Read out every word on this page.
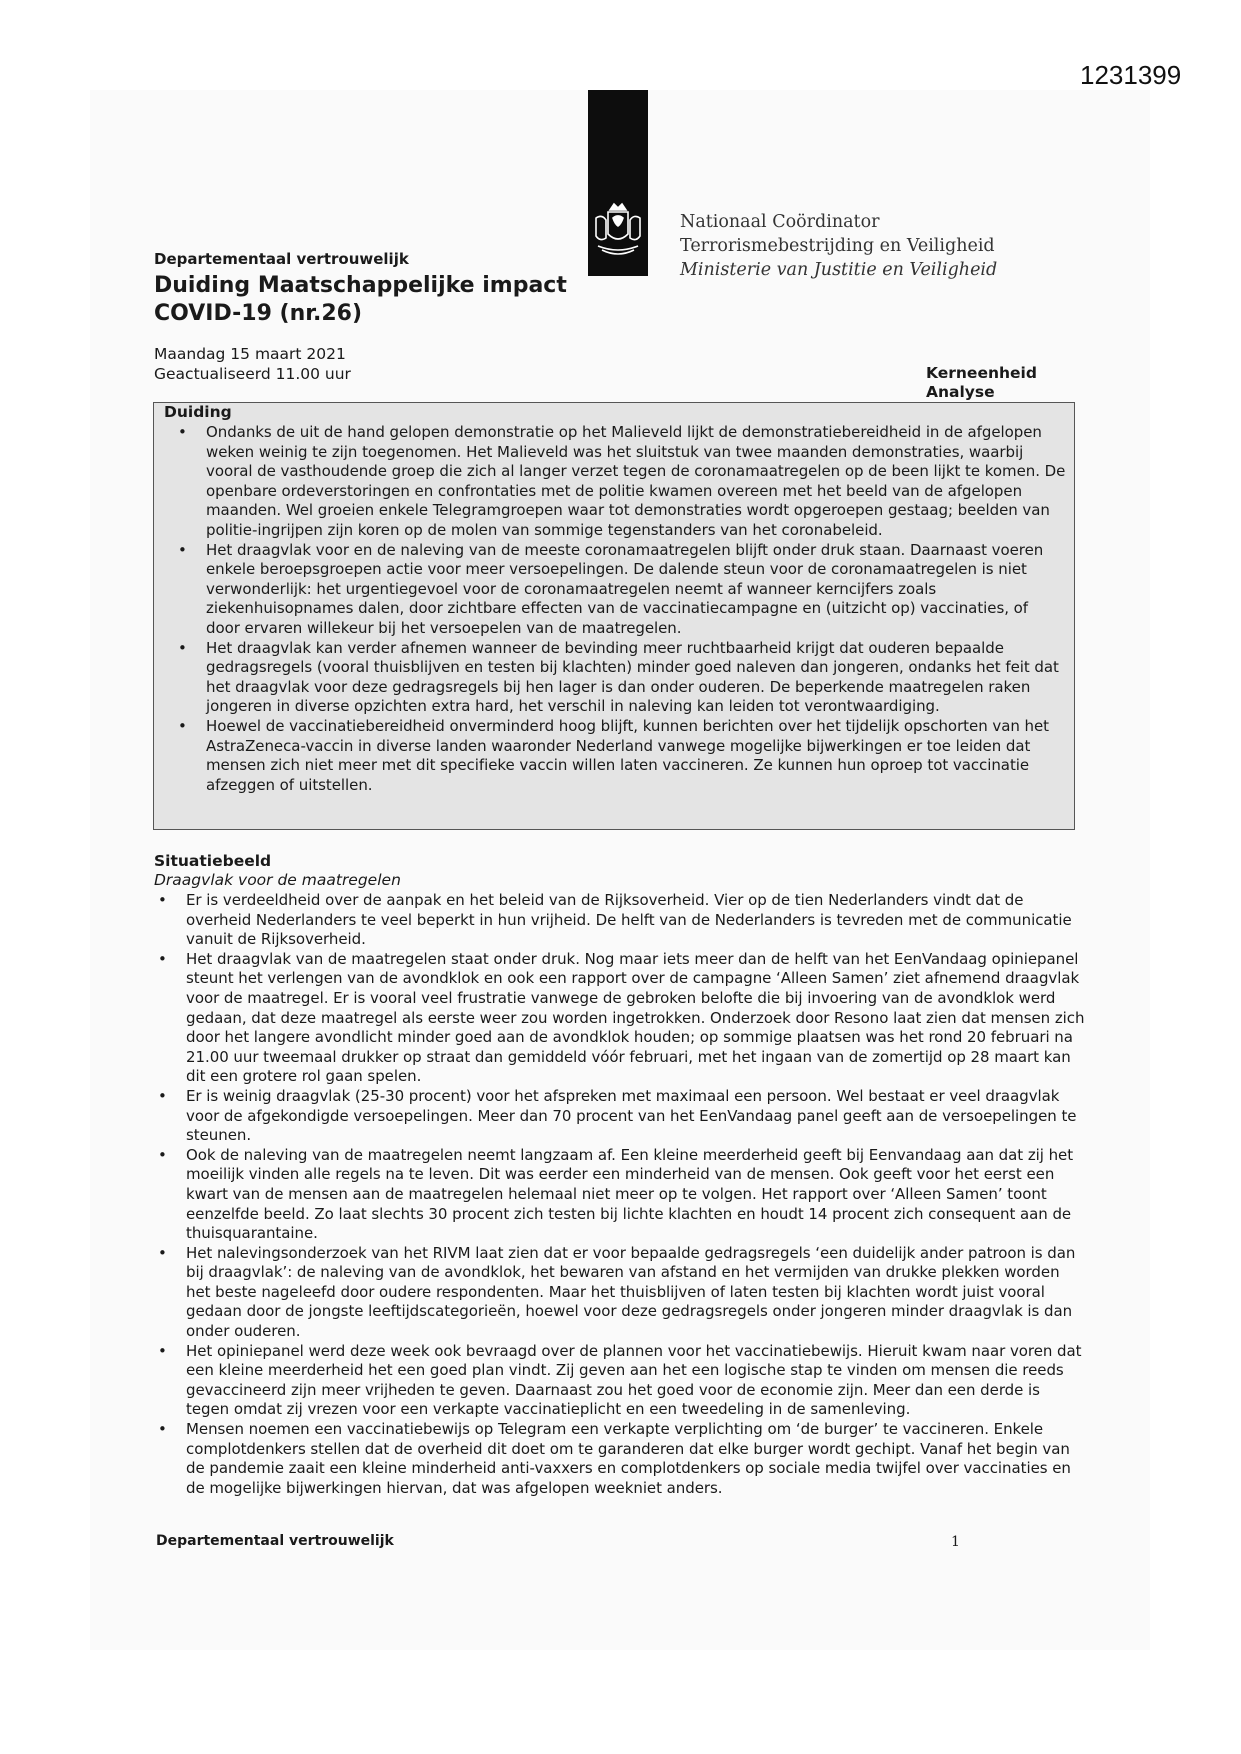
1231399
Nationaal Coördinator
Terrorismebestrijding en Veiligheid
Ministerie van Justitie en Veiligheid
Departementaal vertrouwelijk
Duiding Maatschappelijke impact COVID-19 (nr.26)
Maandag 15 maart 2021
Geactualiseerd 11.00 uur	Kerneenheid Analyse
Duiding
• Ondanks de uit de hand gelopen demonstratie op het Malieveld lijkt de demonstratiebereidheid in de afgelopen weken weinig te zijn toegenomen. Het Malieveld was het sluitstuk van twee maanden demonstraties, waarbij vooral de vasthoudende groep die zich al langer verzet tegen de coronamaatregelen op de been lijkt te komen. De openbare ordeverstoringen en confrontaties met de politie kwamen overeen met het beeld van de afgelopen maanden. Wel groeien enkele Telegramgroepen waar tot demonstraties wordt opgeroepen gestaag; beelden van politie-ingrijpen zijn koren op de molen van sommige tegenstanders van het coronabeleid.
• Het draagvlak voor en de naleving van de meeste coronamaatregelen blijft onder druk staan. Daarnaast voeren enkele beroepsgroepen actie voor meer versoepelingen. De dalende steun voor de coronamaatregelen is niet verwonderlijk: het urgentiegevoel voor de coronamaatregelen neemt af wanneer kerncijfers zoals ziekenhuisopnames dalen, door zichtbare effecten van de vaccinatiecampagne en (uitzicht op) vaccinaties, of door ervaren willekeur bij het versoepelen van de maatregelen.
• Het draagvlak kan verder afnemen wanneer de bevinding meer ruchtbaarheid krijgt dat ouderen bepaalde gedragsregels (vooral thuisblijven en testen bij klachten) minder goed naleven dan jongeren, ondanks het feit dat het draagvlak voor deze gedragsregels bij hen lager is dan onder ouderen. De beperkende maatregelen raken jongeren in diverse opzichten extra hard, het verschil in naleving kan leiden tot verontwaardiging.
• Hoewel de vaccinatiebereidheid onverminderd hoog blijft, kunnen berichten over het tijdelijk opschorten van het AstraZeneca-vaccin in diverse landen waaronder Nederland vanwege mogelijke bijwerkingen er toe leiden dat mensen zich niet meer met dit specifieke vaccin willen laten vaccineren. Ze kunnen hun oproep tot vaccinatie afzeggen of uitstellen.
Situatiebeeld
Draagvlak voor de maatregelen
• Er is verdeeldheid over de aanpak en het beleid van de Rijksoverheid. Vier op de tien Nederlanders vindt dat de overheid Nederlanders te veel beperkt in hun vrijheid. De helft van de Nederlanders is tevreden met de communicatie vanuit de Rijksoverheid.
• Het draagvlak van de maatregelen staat onder druk. Nog maar iets meer dan de helft van het EenVandaag opiniepanel steunt het verlengen van de avondklok en ook een rapport over de campagne ‘Alleen Samen’ ziet afnemend draagvlak voor de maatregel. Er is vooral veel frustratie vanwege de gebroken belofte die bij invoering van de avondklok werd gedaan, dat deze maatregel als eerste weer zou worden ingetrokken. Onderzoek door Resono laat zien dat mensen zich door het langere avondlicht minder goed aan de avondklok houden; op sommige plaatsen was het rond 20 februari na 21.00 uur tweemaal drukker op straat dan gemiddeld vóór februari, met het ingaan van de zomertijd op 28 maart kan dit een grotere rol gaan spelen.
• Er is weinig draagvlak (25-30 procent) voor het afspreken met maximaal een persoon. Wel bestaat er veel draagvlak voor de afgekondigde versoepelingen. Meer dan 70 procent van het EenVandaag panel geeft aan de versoepelingen te steunen.
• Ook de naleving van de maatregelen neemt langzaam af. Een kleine meerderheid geeft bij Eenvandaag aan dat zij het moeilijk vinden alle regels na te leven. Dit was eerder een minderheid van de mensen. Ook geeft voor het eerst een kwart van de mensen aan de maatregelen helemaal niet meer op te volgen. Het rapport over ‘Alleen Samen’ toont eenzelfde beeld. Zo laat slechts 30 procent zich testen bij lichte klachten en houdt 14 procent zich consequent aan de thuisquarantaine.
• Het nalevingsonderzoek van het RIVM laat zien dat er voor bepaalde gedragsregels ‘een duidelijk ander patroon is dan bij draagvlak’: de naleving van de avondklok, het bewaren van afstand en het vermijden van drukke plekken worden het beste nageleefd door oudere respondenten. Maar het thuisblijven of laten testen bij klachten wordt juist vooral gedaan door de jongste leeftijdscategorieën, hoewel voor deze gedragsregels onder jongeren minder draagvlak is dan onder ouderen.
• Het opiniepanel werd deze week ook bevraagd over de plannen voor het vaccinatiebewijs. Hieruit kwam naar voren dat een kleine meerderheid het een goed plan vindt. Zij geven aan het een logische stap te vinden om mensen die reeds gevaccineerd zijn meer vrijheden te geven. Daarnaast zou het goed voor de economie zijn. Meer dan een derde is tegen omdat zij vrezen voor een verkapte vaccinatieplicht en een tweedeling in de samenleving.
• Mensen noemen een vaccinatiebewijs op Telegram een verkapte verplichting om ‘de burger’ te vaccineren. Enkele complotdenkers stellen dat de overheid dit doet om te garanderen dat elke burger wordt gechipt. Vanaf het begin van de pandemie zaait een kleine minderheid anti-vaxxers en complotdenkers op sociale media twijfel over vaccinaties en de mogelijke bijwerkingen hiervan, dat was afgelopen weekniet anders.
Departementaal vertrouwelijk	1
